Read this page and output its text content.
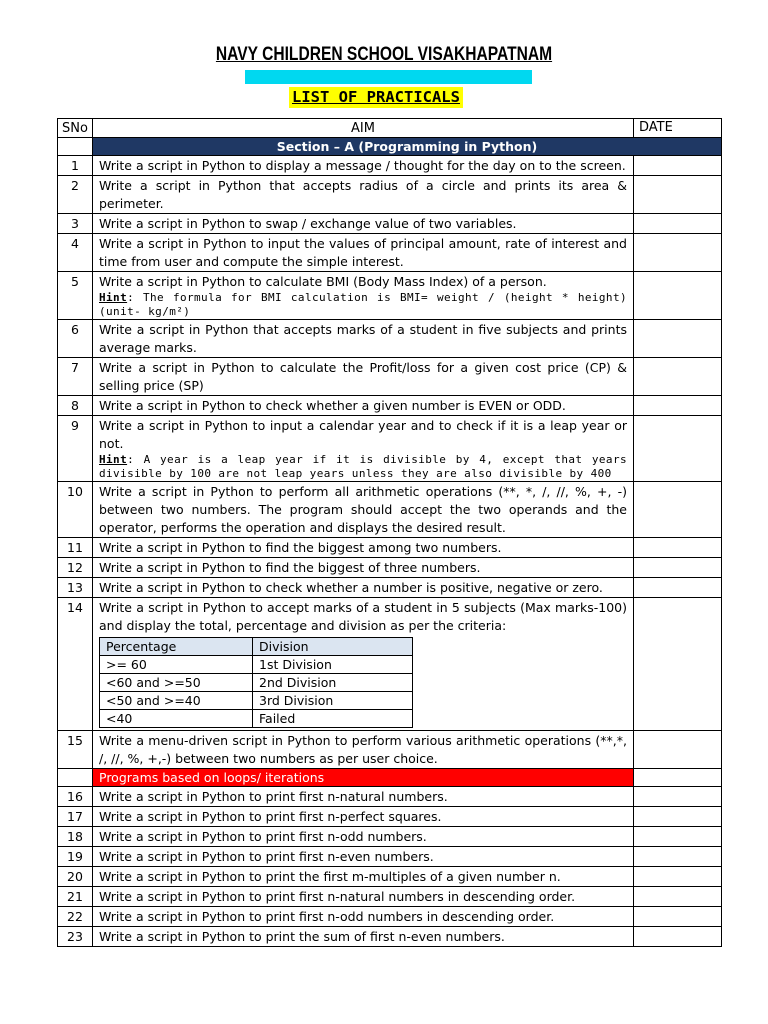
NAVY CHILDREN SCHOOL VISAKHAPATNAM
LIST OF PRACTICALS
SNo	AIM	DATE
	Section – A (Programming in Python)
1	Write a script in Python to display a message / thought for the day on to the screen.	
2	Write a script in Python that accepts radius of a circle and prints its area & perimeter.	
3	Write a script in Python to swap / exchange value of two variables.	
4	Write a script in Python to input the values of principal amount, rate of interest and time from user and compute the simple interest.	
5	Write a script in Python to calculate BMI (Body Mass Index) of a person.
Hint: The formula for BMI calculation is BMI= weight / (height * height) (unit- kg/m²)

6	Write a script in Python that accepts marks of a student in five subjects and prints average marks.	
7	Write a script in Python to calculate the Profit/loss for a given cost price (CP) & selling price (SP)	
8	Write a script in Python to check whether a given number is EVEN or ODD.	
9	Write a script in Python to input a calendar year and to check if it is a leap year or not.
Hint: A year is a leap year if it is divisible by 4, except that years divisible by 100 are not leap years unless they are also divisible by 400

10	Write a script in Python to perform all arithmetic operations (**, *, /, //, %, +, -) between two numbers. The program should accept the two operands and the operator, performs the operation and displays the desired result.	
11	Write a script in Python to find the biggest among two numbers.	
12	Write a script in Python to find the biggest of three numbers.	
13	Write a script in Python to check whether a number is positive, negative or zero.	
14	Write a script in Python to accept marks of a student in 5 subjects (Max marks-100) and display the total, percentage and division as per the criteria:
Percentage	Division
>= 60	1st Division
<60 and >=50	2nd Division
<50 and >=40	3rd Division
<40	Failed

15	Write a menu-driven script in Python to perform various arithmetic operations (**,*, /, //, %, +,-) between two numbers as per user choice.	
	Programs based on loops/ iterations	
16	Write a script in Python to print first n-natural numbers.	
17	Write a script in Python to print first n-perfect squares.	
18	Write a script in Python to print first n-odd numbers.	
19	Write a script in Python to print first n-even numbers.	
20	Write a script in Python to print the first m-multiples of a given number n.	
21	Write a script in Python to print first n-natural numbers in descending order.	
22	Write a script in Python to print first n-odd numbers in descending order.	
23	Write a script in Python to print the sum of first n-even numbers.	
